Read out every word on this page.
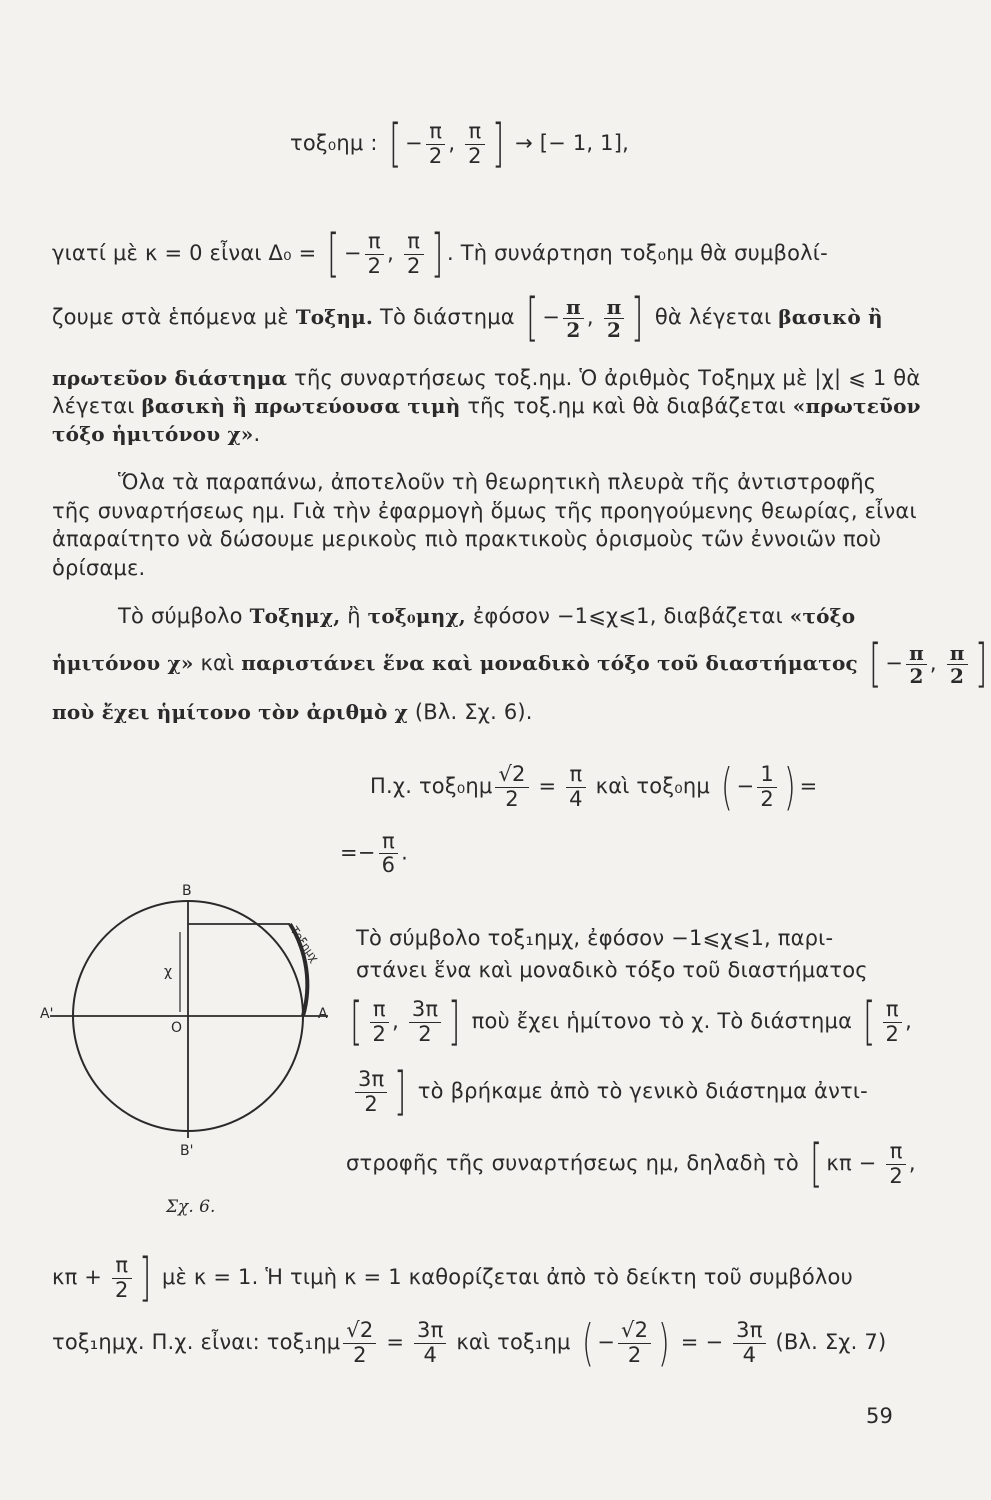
τοξ₀ημ : [ − $\frac{\pi}{2}$ , $\frac{\pi}{2}$ ] → [− 1, 1],
γιατί μὲ κ = 0 εἶναι Δ₀ = [ − $\frac{\pi}{2}$ , $\frac{\pi}{2}$ ] . Τὴ συνάρτηση τοξ₀ημ θὰ συμβολί-
ζουμε στὰ ἑπόμενα μὲ Τοξημ. Τὸ διάστημα [ − $\frac{\pi}{2}$ , $\frac{\pi}{2}$ ] θὰ λέγεται βασικὸ ἢ
πρωτεῦον διάστημα τῆς συναρτήσεως τοξ.ημ. Ὁ ἀριθμὸς Τοξημχ μὲ |χ| ⩽ 1 θὰ
λέγεται βασικὴ ἢ πρωτεύουσα τιμὴ τῆς τοξ.ημ καὶ θὰ διαβάζεται «πρωτεῦον
τόξο ἡμιτόνου χ».
Ὅλα τὰ παραπάνω, ἀποτελοῦν τὴ θεωρητικὴ πλευρὰ τῆς ἀντιστροφῆς
τῆς συναρτήσεως ημ. Γιὰ τὴν ἐφαρμογὴ ὅμως τῆς προηγούμενης θεωρίας, εἶναι
ἀπαραίτητο νὰ δώσουμε μερικοὺς πιὸ πρακτικοὺς ὁρισμοὺς τῶν ἐννοιῶν ποὺ
ὁρίσαμε.
Τὸ σύμβολο Τοξημχ, ἢ τοξ₀μηχ, ἐφόσον −1⩽χ⩽1, διαβάζεται «τόξο
ἡμιτόνου χ» καὶ παριστάνει ἕνα καὶ μοναδικὸ τόξο τοῦ διαστήματος [ − $\frac{\pi}{2}$ , $\frac{\pi}{2}$ ]
ποὺ ἔχει ἡμίτονο τὸν ἀριθμὸ χ (Βλ. Σχ. 6).
Π.χ. $\tau o\xi_0\eta\mu \frac{√2}{2} = \frac{\pi}{4}$ καὶ τοξ₀ημ ( − $\frac{1}{2}$ ) =
=− $\frac{\pi}{6}$ .
B
B'
A
A'
O
χ
Τοξημχ
Σχ. 6.
Τὸ σύμβολο τοξ₁ημχ, ἐφόσον −1⩽χ⩽1, παρι-
στάνει ἕνα καὶ μοναδικὸ τόξο τοῦ διαστήματος
[ $\frac{\pi}{2}$ , $\frac{3\pi}{2}$ ] ποὺ ἔχει ἡμίτονο τὸ χ. Τὸ διάστημα [ $\frac{\pi}{2}$ ,
$\frac{3\pi}{2}$ ] τὸ βρήκαμε ἀπὸ τὸ γενικὸ διάστημα ἀντι-
στροφῆς τῆς συναρτήσεως ημ, δηλαδὴ τὸ [ $\kappa\pi - \frac{\pi}{2}$ ,
$\kappa\pi + \frac{\pi}{2}$ ] μὲ κ = 1. Ἡ τιμὴ κ = 1 καθορίζεται ἀπὸ τὸ δείκτη τοῦ συμβόλου
τοξ₁ημχ. Π.χ. εἶναι: $\tau o\xi_1\eta\mu \frac{√2}{2} = \frac{3\pi}{4}$ καὶ τοξ₁ημ ( − $\frac{√2}{2}$ ) = − $\frac{3\pi}{4} (B\lambda$. Σχ. 7)
59
